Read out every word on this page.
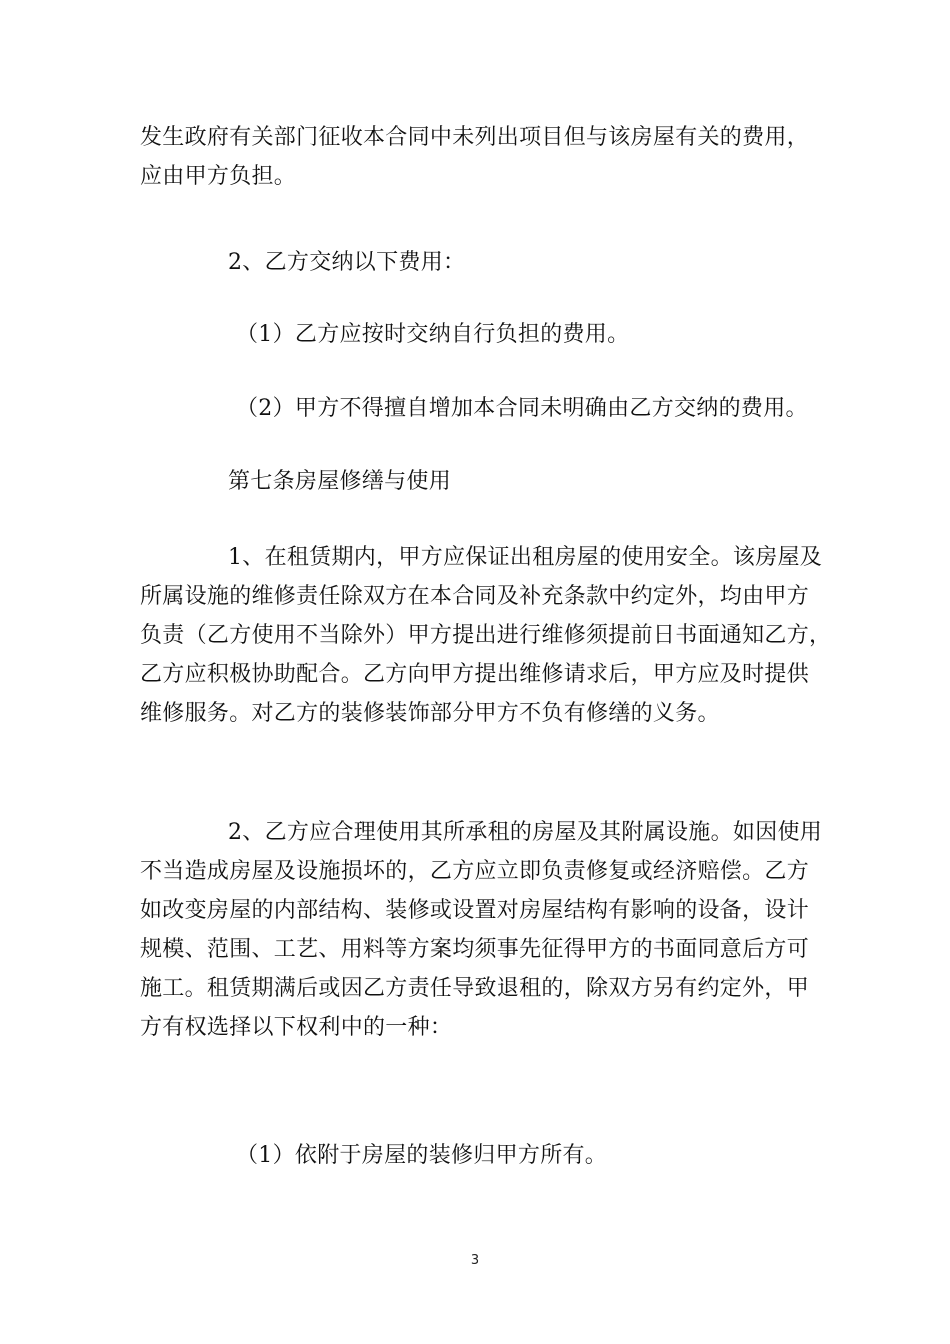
发生政府有关部门征收本合同中未列出项目但与该房屋有关的费用，
应由甲方负担。
2、乙方交纳以下费用：
（1）乙方应按时交纳自行负担的费用。
（2）甲方不得擅自增加本合同未明确由乙方交纳的费用。
第七条房屋修缮与使用
1、在租赁期内，甲方应保证出租房屋的使用安全。该房屋及
所属设施的维修责任除双方在本合同及补充条款中约定外，均由甲方
负责（乙方使用不当除外）甲方提出进行维修须提前日书面通知乙方，
乙方应积极协助配合。乙方向甲方提出维修请求后，甲方应及时提供
维修服务。对乙方的装修装饰部分甲方不负有修缮的义务。
2、乙方应合理使用其所承租的房屋及其附属设施。如因使用
不当造成房屋及设施损坏的，乙方应立即负责修复或经济赔偿。乙方
如改变房屋的内部结构、装修或设置对房屋结构有影响的设备，设计
规模、范围、工艺、用料等方案均须事先征得甲方的书面同意后方可
施工。租赁期满后或因乙方责任导致退租的，除双方另有约定外，甲
方有权选择以下权利中的一种：
（1）依附于房屋的装修归甲方所有。
3
